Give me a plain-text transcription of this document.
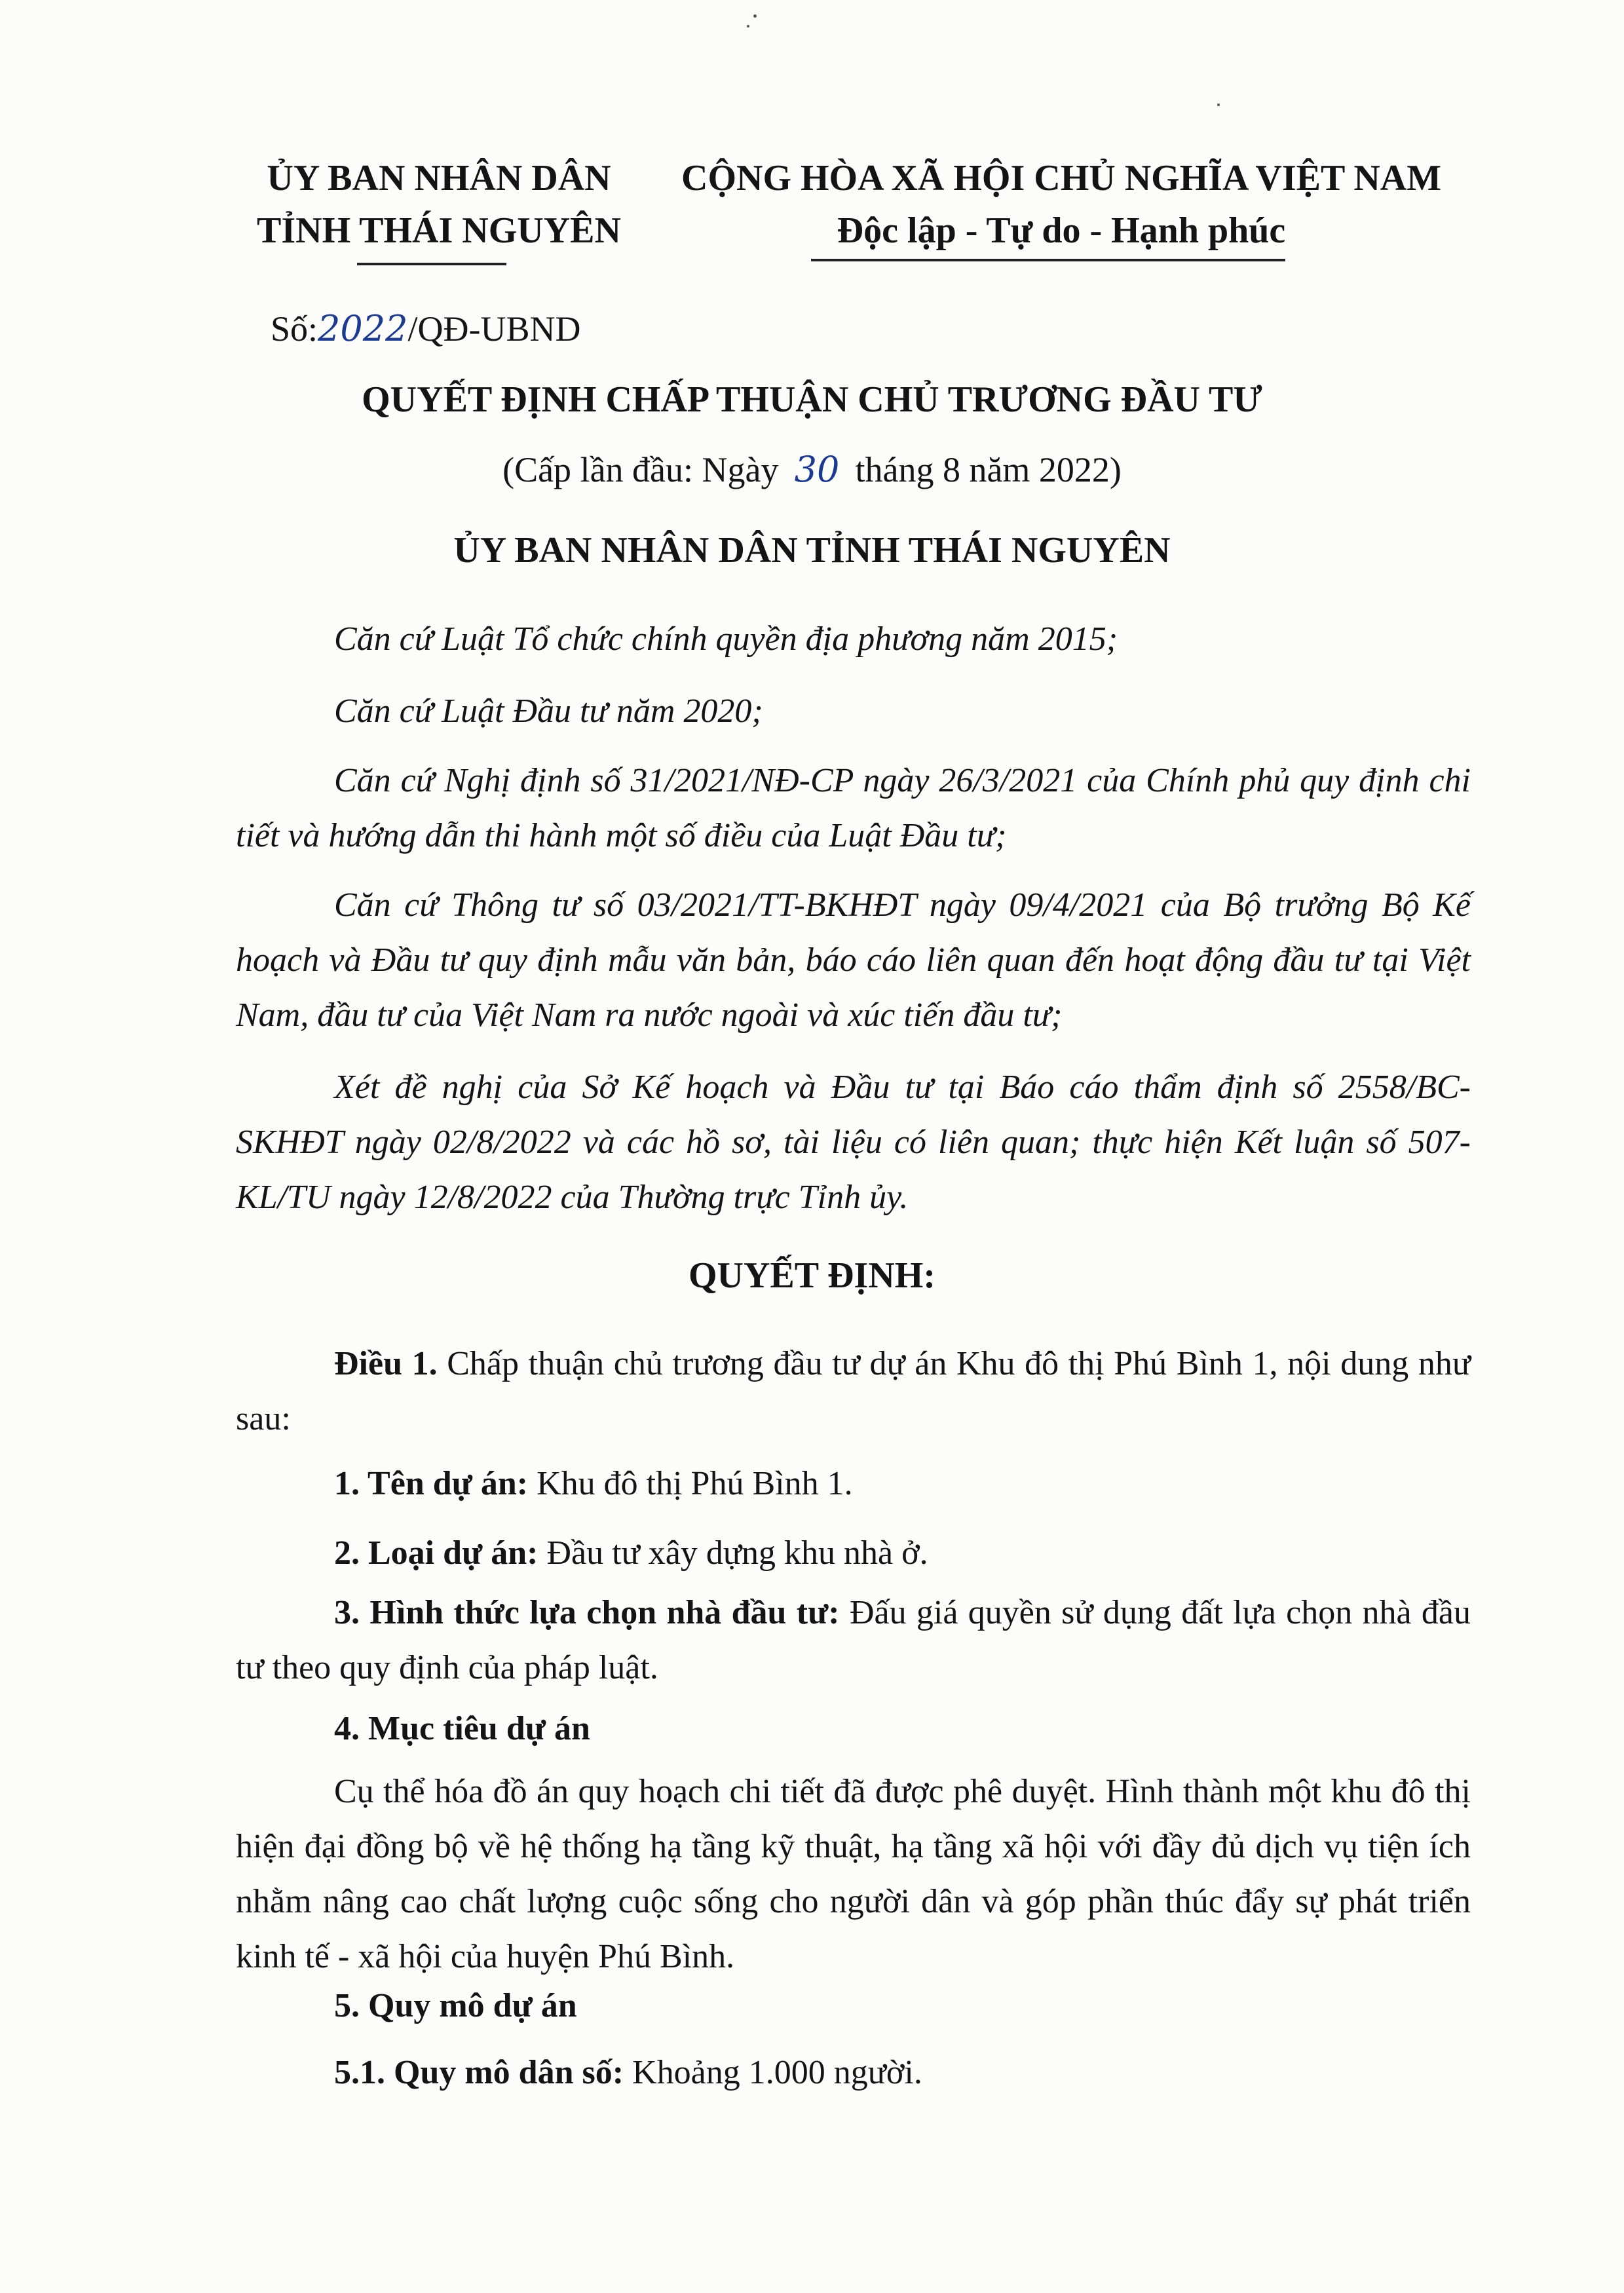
ỦY BAN NHÂN DÂN
TỈNH THÁI NGUYÊN
CỘNG HÒA XÃ HỘI CHỦ NGHĨA VIỆT NAM
Độc lập - Tự do - Hạnh phúc
Số:2022/QĐ-UBND
QUYẾT ĐỊNH CHẤP THUẬN CHỦ TRƯƠNG ĐẦU TƯ
(Cấp lần đầu: Ngày 30 tháng 8 năm 2022)
ỦY BAN NHÂN DÂN TỈNH THÁI NGUYÊN

Căn cứ Luật Tổ chức chính quyền địa phương năm 2015;

Căn cứ Luật Đầu tư năm 2020;

Căn cứ Nghị định số 31/2021/NĐ-CP ngày 26/3/2021 của Chính phủ quy định chi tiết và hướng dẫn thi hành một số điều của Luật Đầu tư;

Căn cứ Thông tư số 03/2021/TT-BKHĐT ngày 09/4/2021 của Bộ trưởng Bộ Kế hoạch và Đầu tư quy định mẫu văn bản, báo cáo liên quan đến hoạt động đầu tư tại Việt Nam, đầu tư của Việt Nam ra nước ngoài và xúc tiến đầu tư;

Xét đề nghị của Sở Kế hoạch và Đầu tư tại Báo cáo thẩm định số 2558/BC-SKHĐT ngày 02/8/2022 và các hồ sơ, tài liệu có liên quan; thực hiện Kết luận số 507-KL/TU ngày 12/8/2022 của Thường trực Tỉnh ủy.

QUYẾT ĐỊNH:

Điều 1. Chấp thuận chủ trương đầu tư dự án Khu đô thị Phú Bình 1, nội dung như sau:

1. Tên dự án: Khu đô thị Phú Bình 1.

2. Loại dự án: Đầu tư xây dựng khu nhà ở.

3. Hình thức lựa chọn nhà đầu tư: Đấu giá quyền sử dụng đất lựa chọn nhà đầu tư theo quy định của pháp luật.

4. Mục tiêu dự án

Cụ thể hóa đồ án quy hoạch chi tiết đã được phê duyệt. Hình thành một khu đô thị hiện đại đồng bộ về hệ thống hạ tầng kỹ thuật, hạ tầng xã hội với đầy đủ dịch vụ tiện ích nhằm nâng cao chất lượng cuộc sống cho người dân và góp phần thúc đẩy sự phát triển kinh tế - xã hội của huyện Phú Bình.

5. Quy mô dự án

5.1. Quy mô dân số: Khoảng 1.000 người.
